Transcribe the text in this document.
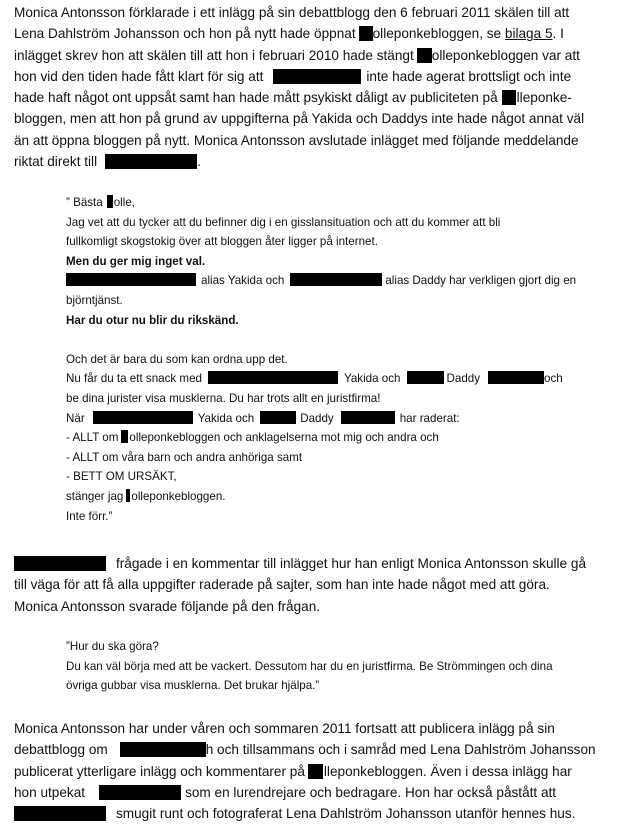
Monica Antonsson förklarade i ett inlägg på sin debattblogg den 6 februari 2011 skälen till att
Lena Dahlström Johansson och hon på nytt hade öppnat olleponkebloggen, se bilaga 5. I
inlägget skrev hon att skälen till att hon i februari 2010 hade stängt olleponkebloggen var att
hon vid den tiden hade fått klart för sig att	inte hade agerat brottsligt och inte
hade haft något ont uppsåt samt han hade mått psykiskt dåligt av publiciteten på lleponke-
bloggen, men att hon på grund av uppgifterna på Yakida och Daddys inte hade något annat väl
än att öppna bloggen på nytt. Monica Antonsson avslutade inlägget med följande meddelande
riktat direkt till	.
” Bästa olle,
Jag vet att du tycker att du befinner dig i en gisslansituation och att du kommer att bli
fullkomligt skogstokig över att bloggen åter ligger på internet.
Men du ger mig inget val.
alias Yakida och	alias Daddy har verkligen gjort dig en
björntjänst.
Har du otur nu blir du rikskänd.
Och det är bara du som kan ordna upp det.
Nu får du ta ett snack med	Yakida och	Daddy	och
be dina jurister visa musklerna. Du har trots allt en juristfirma!
När	Yakida och	Daddy	har raderat:
- ALLT om olleponkebloggen och anklagelserna mot mig och andra och
- ALLT om våra barn och andra anhöriga samt
- BETT OM URSÄKT,
stänger jag olleponkebloggen.
Inte förr.”
frågade i en kommentar till inlägget hur han enligt Monica Antonsson skulle gå
till väga för att få alla uppgifter raderade på sajter, som han inte hade något med att göra.
Monica Antonsson svarade följande på den frågan.
”Hur du ska göra?
Du kan väl börja med att be vackert. Dessutom har du en juristfirma. Be Strömmingen och dina
övriga gubbar visa musklerna. Det brukar hjälpa.”
Monica Antonsson har under våren och sommaren 2011 fortsatt att publicera inlägg på sin
debattblogg om	h och tillsammans och i samråd med Lena Dahlström Johansson
publicerat ytterligare inlägg och kommentarer på lleponkebloggen. Även i dessa inlägg har
hon utpekat	som en lurendrejare och bedragare. Hon har också påstått att
smugit runt och fotograferat Lena Dahlström Johansson utanför hennes hus.
